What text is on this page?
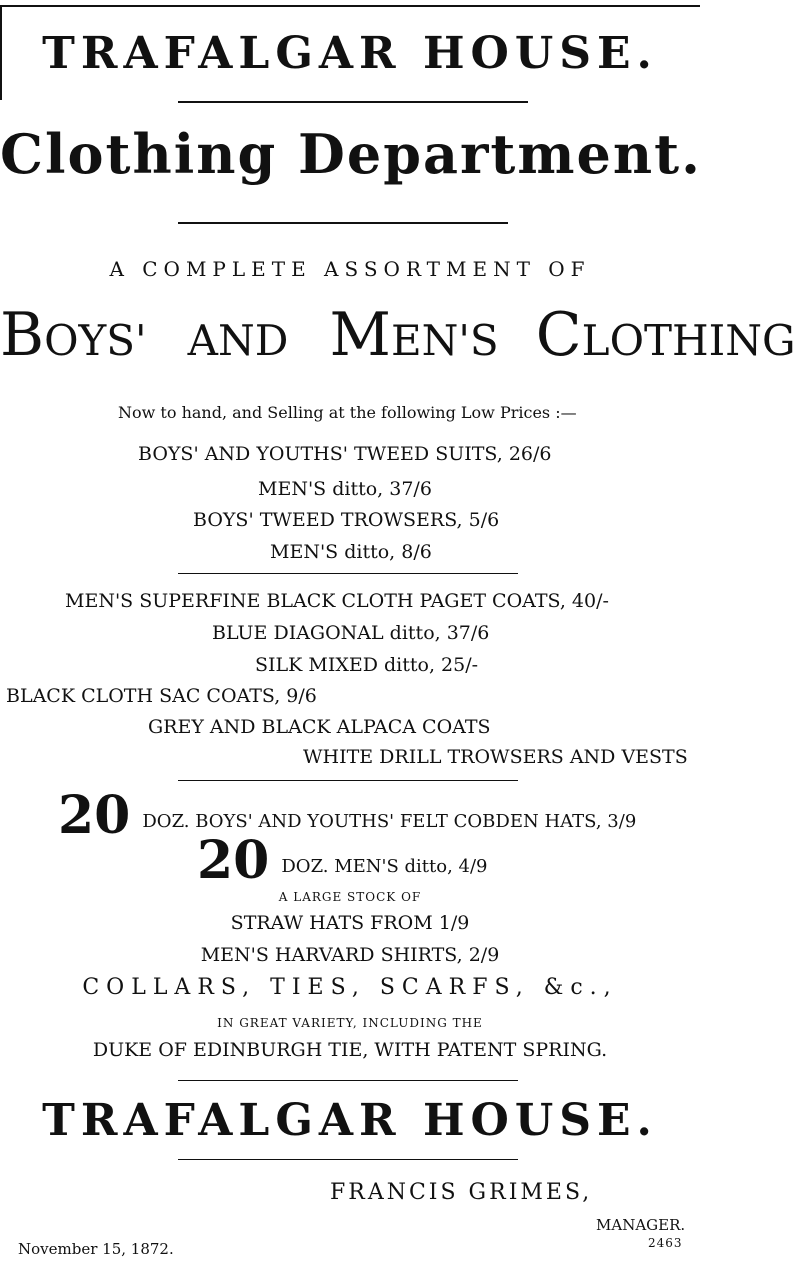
TRAFALGAR HOUSE.
Clothing Department.
A COMPLETE ASSORTMENT OF
BOYS' AND MEN'S CLOTHING
Now to hand, and Selling at the following Low Prices :—
BOYS' AND YOUTHS' TWEED SUITS, 26/6
MEN'S ditto, 37/6
BOYS' TWEED TROWSERS, 5/6
MEN'S ditto, 8/6
MEN'S SUPERFINE BLACK CLOTH PAGET COATS, 40/-
BLUE DIAGONAL ditto, 37/6
SILK MIXED ditto, 25/-
BLACK CLOTH SAC COATS, 9/6
GREY AND BLACK ALPACA COATS
WHITE DRILL TROWSERS AND VESTS
20 DOZ. BOYS' AND YOUTHS' FELT COBDEN HATS, 3/9
20 DOZ. MEN'S ditto, 4/9
A LARGE STOCK OF
STRAW HATS FROM 1/9
MEN'S HARVARD SHIRTS, 2/9
COLLARS, TIES, SCARFS, &c.,
IN GREAT VARIETY, INCLUDING THE
DUKE OF EDINBURGH TIE, WITH PATENT SPRING.
TRAFALGAR HOUSE.
FRANCIS GRIMES,
MANAGER.
November 15, 1872.	2463
